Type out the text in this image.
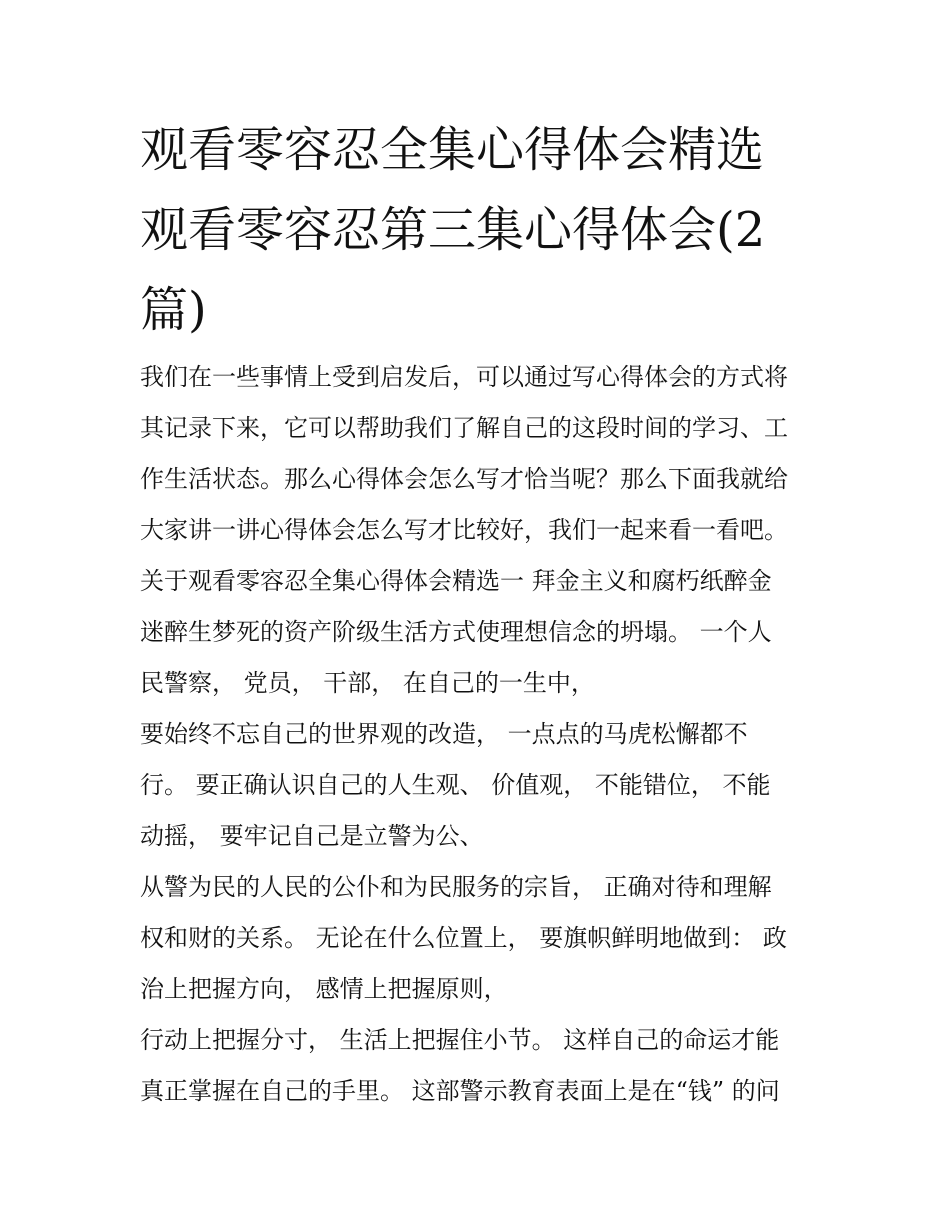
观看零容忍全集心得体会精选
观看零容忍第三集心得体会(2
篇)
我们在一些事情上受到启发后，可以通过写心得体会的方式将
其记录下来，它可以帮助我们了解自己的这段时间的学习、工
作生活状态。那么心得体会怎么写才恰当呢？那么下面我就给
大家讲一讲心得体会怎么写才比较好，我们一起来看一看吧。
关于观看零容忍全集心得体会精选一 拜金主义和腐朽纸醉金
迷醉生梦死的资产阶级生活方式使理想信念的坍塌。 一个人
民警察， 党员， 干部， 在自己的一生中，
要始终不忘自己的世界观的改造， 一点点的马虎松懈都不
行。 要正确认识自己的人生观、 价值观， 不能错位， 不能
动摇， 要牢记自己是立警为公、
从警为民的人民的公仆和为民服务的宗旨， 正确对待和理解
权和财的关系。 无论在什么位置上， 要旗帜鲜明地做到： 政
治上把握方向， 感情上把握原则，
行动上把握分寸， 生活上把握住小节。 这样自己的命运才能
真正掌握在自己的手里。 这部警示教育表面上是在“钱” 的问
